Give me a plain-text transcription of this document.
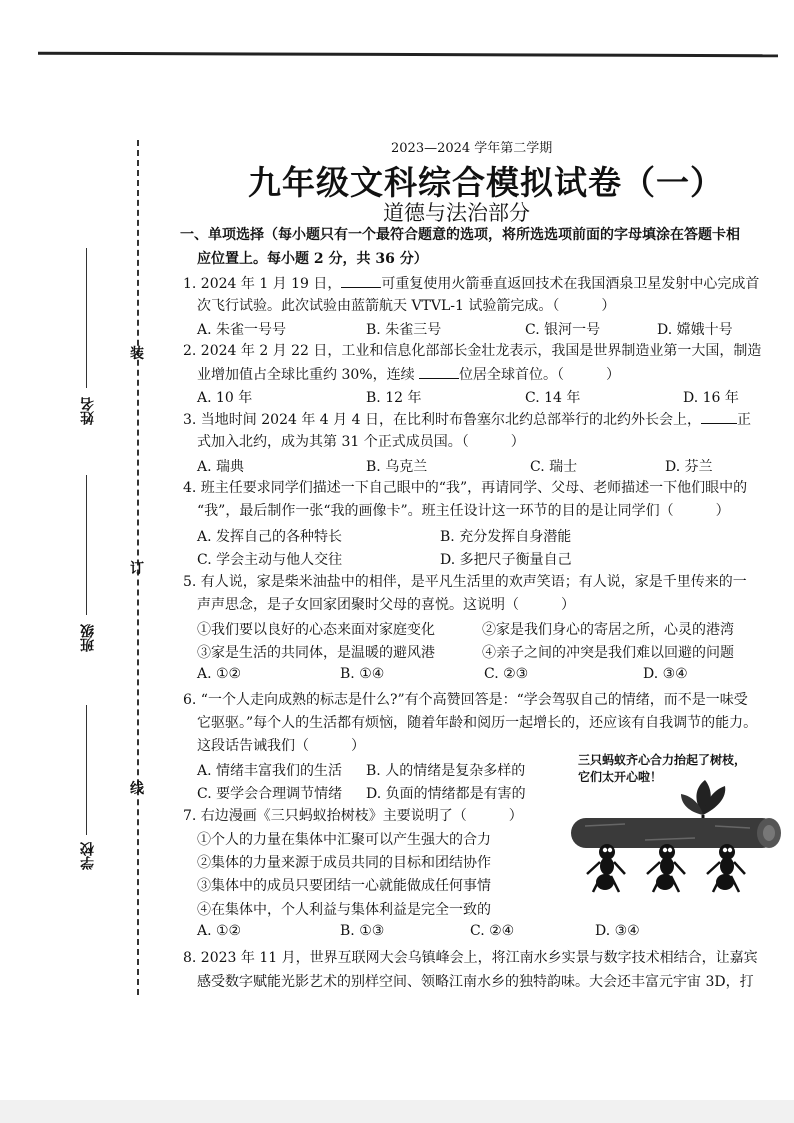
装
订
线
姓名
班级
学校
2023—2024 学年第二学期
九年级文科综合模拟试卷（一）
道德与法治部分
一、单项选择（每小题只有一个最符合题意的选项，将所选选项前面的字母填涂在答题卡相
应位置上。每小题 2 分，共 36 分）
1. 2024 年 1 月 19 日，	可重复使用火箭垂直返回技术在我国酒泉卫星发射中心完成首
次飞行试验。此次试验由蓝箭航天 VTVL-1 试验箭完成。（　　　）
A. 朱雀一号号	B. 朱雀三号	C. 银河一号	D. 嫦娥十号
2. 2024 年 2 月 22 日，工业和信息化部部长金壮龙表示，我国是世界制造业第一大国，制造
业增加值占全球比重约 30%，连续	位居全球首位。（　　　）
A. 10 年	B. 12 年	C. 14 年	D. 16 年
3. 当地时间 2024 年 4 月 4 日，在比利时布鲁塞尔北约总部举行的北约外长会上，	正
式加入北约，成为其第 31 个正式成员国。（　　　）
A. 瑞典	B. 乌克兰	C. 瑞士	D. 芬兰
4. 班主任要求同学们描述一下自己眼中的“我”，再请同学、父母、老师描述一下他们眼中的
“我”，最后制作一张“我的画像卡”。班主任设计这一环节的目的是让同学们（　　　）
A. 发挥自己的各种特长	B. 充分发挥自身潜能
C. 学会主动与他人交往	D. 多把尺子衡量自己
5. 有人说，家是柴米油盐中的相伴，是平凡生活里的欢声笑语；有人说，家是千里传来的一
声声思念，是子女回家团聚时父母的喜悦。这说明（　　　）
①我们要以良好的心态来面对家庭变化	②家是我们身心的寄居之所，心灵的港湾
③家是生活的共同体，是温暖的避风港	④亲子之间的冲突是我们难以回避的问题
A. ①②	B. ①④	C. ②③	D. ③④
6. “一个人走向成熟的标志是什么?”有个高赞回答是：“学会驾驭自己的情绪，而不是一味受
它驱驱。”每个人的生活都有烦恼，随着年龄和阅历一起增长的，还应该有自我调节的能力。
这段话告诫我们（　　　）
A. 情绪丰富我们的生活 B. 人的情绪是复杂多样的
C. 要学会合理调节情绪 D. 负面的情绪都是有害的
7. 右边漫画《三只蚂蚁抬树枝》主要说明了（　　　）
①个人的力量在集体中汇聚可以产生强大的合力
②集体的力量来源于成员共同的目标和团结协作
③集体中的成员只要团结一心就能做成任何事情
④在集体中，个人利益与集体利益是完全一致的
A. ①②	B. ①③	C. ②④	D. ③④
8. 2023 年 11 月，世界互联网大会乌镇峰会上，将江南水乡实景与数字技术相结合，让嘉宾
感受数字赋能光影艺术的别样空间、领略江南水乡的独特韵味。大会还丰富元宇宙 3D，打
三只蚂蚁齐心合力抬起了树枝，
它们太开心啦！
